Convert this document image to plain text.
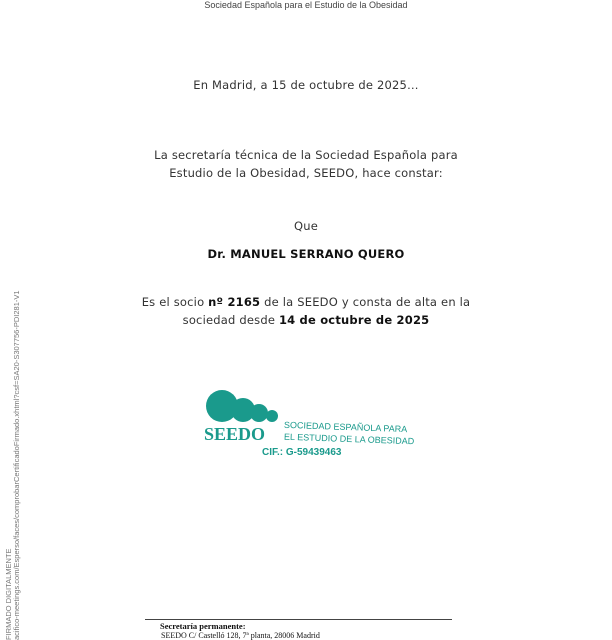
Sociedad Española para el Estudio de la Obesidad
En Madrid, a 15 de octubre de 2025…
La secretaría técnica de la Sociedad Española para
Estudio de la Obesidad, SEEDO, hace constar:
Que
Dr. MANUEL SERRANO QUERO
Es el socio nº 2165 de la SEEDO y consta de alta en la
sociedad desde 14 de octubre de 2025
SEEDO SOCIEDAD ESPAÑOLA PARA
EL ESTUDIO DE LA OBESIDAD
CIF.: G-59439463
FIRMADO DIGITALMENTE acifico-meetings.com/Esperso/faces/comprobarCertificadoFirmado.xhtml?csf=SA20-S307756-PDI281-V1	Secretaría permanente:
SEEDO C/ Castelló 128, 7ª planta, 28006 Madrid
